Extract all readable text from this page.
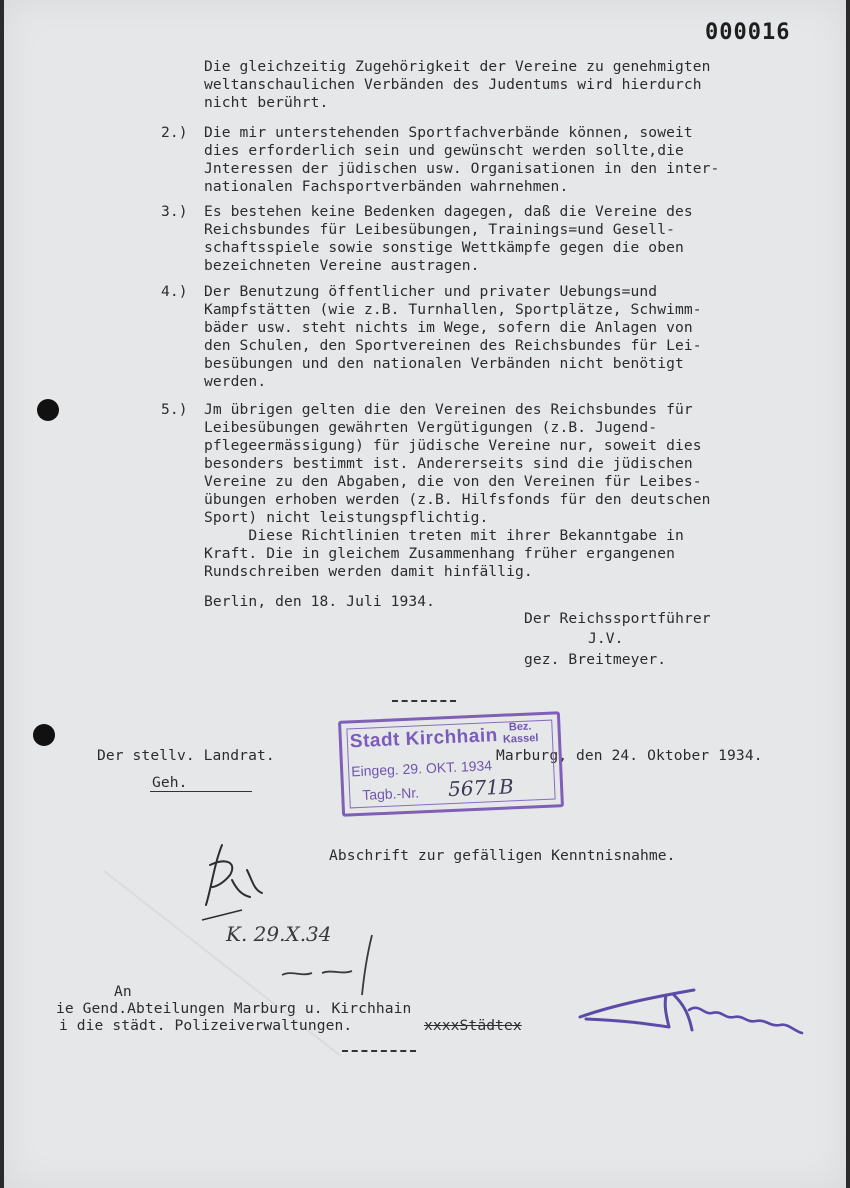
000016
Die gleichzeitig Zugehörigkeit der Vereine zu genehmigten
weltanschaulichen Verbänden des Judentums wird hierdurch
nicht berührt.
2.) Die mir unterstehenden Sportfachverbände können, soweit
dies erforderlich sein und gewünscht werden sollte,die
Jnteressen der jüdischen usw. Organisationen in den inter-
nationalen Fachsportverbänden wahrnehmen.
3.) Es bestehen keine Bedenken dagegen, daß die Vereine des
Reichsbundes für Leibesübungen, Trainings=und Gesell-
schaftsspiele sowie sonstige Wettkämpfe gegen die oben
bezeichneten Vereine austragen.
4.) Der Benutzung öffentlicher und privater Uebungs=und
Kampfstätten (wie z.B. Turnhallen, Sportplätze, Schwimm-
bäder usw. steht nichts im Wege, sofern die Anlagen von
den Schulen, den Sportvereinen des Reichsbundes für Lei-
besübungen und den nationalen Verbänden nicht benötigt
werden.
5.) Jm übrigen gelten die den Vereinen des Reichsbundes für
Leibesübungen gewährten Vergütigungen (z.B. Jugend-
pflegeermässigung) für jüdische Vereine nur, soweit dies
besonders bestimmt ist. Andererseits sind die jüdischen
Vereine zu den Abgaben, die von den Vereinen für Leibes-
übungen erhoben werden (z.B. Hilfsfonds für den deutschen
Sport) nicht leistungspflichtig.
Diese Richtlinien treten mit ihrer Bekanntgabe in
Kraft. Die in gleichem Zusammenhang früher ergangenen
Rundschreiben werden damit hinfällig.
Berlin, den 18. Juli 1934.
Der Reichssportführer
J.V.
gez. Breitmeyer.
Der stellv. Landrat.	Marburg, den 24. Oktober 1934.
Geh.
Stadt Kirchhain Bez.
Kassel
Eingeg. 29. OKT. 1934
Tagb.-Nr. 5671B
Abschrift zur gefälligen Kenntnisnahme.
K. 29.X.34
An
ie Gend.Abteilungen Marburg u. Kirchhain
i die städt. Polizeiverwaltungen.	xxxxStädtex
